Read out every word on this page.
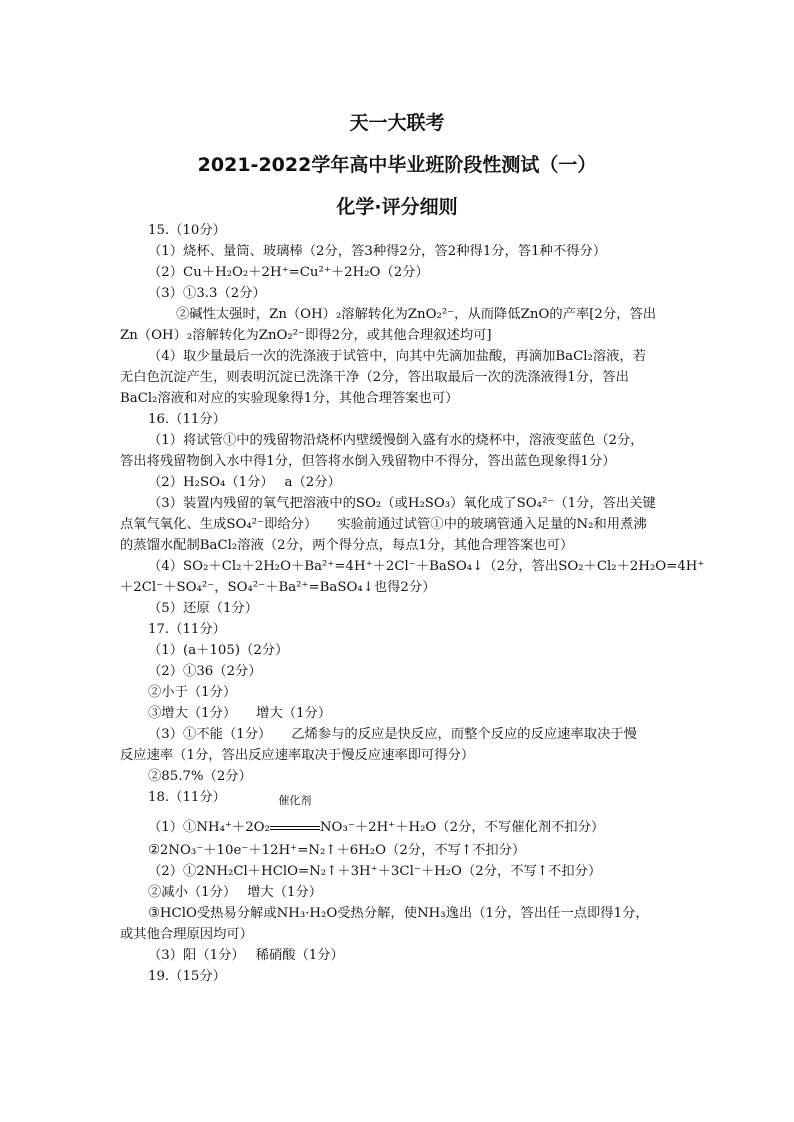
天一大联考
2021-2022学年高中毕业班阶段性测试（一）
化学·评分细则
15.（10分）
（1）烧杯、量筒、玻璃棒（2分，答3种得2分，答2种得1分，答1种不得分）
（2）Cu＋H₂O₂＋2H⁺=Cu²⁺＋2H₂O（2分）
（3）①3.3（2分）
②碱性太强时，Zn（OH）₂溶解转化为ZnO₂²⁻，从而降低ZnO的产率[2分，答出
Zn（OH）₂溶解转化为ZnO₂²⁻即得2分，或其他合理叙述均可]
（4）取少量最后一次的洗涤液于试管中，向其中先滴加盐酸，再滴加BaCl₂溶液，若
无白色沉淀产生，则表明沉淀已洗涤干净（2分，答出取最后一次的洗涤液得1分，答出
BaCl₂溶液和对应的实验现象得1分，其他合理答案也可）
16.（11分）
（1）将试管①中的残留物沿烧杯内壁缓慢倒入盛有水的烧杯中，溶液变蓝色（2分，
答出将残留物倒入水中得1分，但答将水倒入残留物中不得分，答出蓝色现象得1分）
（2）H₂SO₄（1分）　 a（2分）
（3）装置内残留的氧气把溶液中的SO₂（或H₂SO₃）氧化成了SO₄²⁻（1分，答出关键
点氧气氧化、生成SO₄²⁻即给分）　　实验前通过试管①中的玻璃管通入足量的N₂和用煮沸
的蒸馏水配制BaCl₂溶液（2分，两个得分点，每点1分，其他合理答案也可）
（4）SO₂＋Cl₂＋2H₂O＋Ba²⁺=4H⁺＋2Cl⁻＋BaSO₄↓（2分，答出SO₂＋Cl₂＋2H₂O=4H⁺
＋2Cl⁻＋SO₄²⁻，SO₄²⁻＋Ba²⁺=BaSO₄↓也得2分）
（5）还原（1分）
17.（11分）
（1）(a＋105)（2分）
（2）①36（2分）
②小于（1分）
③增大（1分）　　增大（1分）
（3）①不能（1分）　　乙烯参与的反应是快反应，而整个反应的反应速率取决于慢
反应速率（1分，答出反应速率取决于慢反应速率即可得分）
②85.7%（2分）
18.（11分）
（1）①NH₄⁺＋2O₂
催化剂
NO₃⁻＋2H⁺＋H₂O（2分，不写催化剂不扣分）
②2NO₃⁻＋10e⁻＋12H⁺=N₂↑＋6H₂O（2分，不写↑不扣分）
（2）①2NH₂Cl＋HClO=N₂↑＋3H⁺＋3Cl⁻＋H₂O（2分，不写↑不扣分）
②减小（1分）　 增大（1分）
③HClO受热易分解或NH₃·H₂O受热分解，使NH₃逸出（1分，答出任一点即得1分，
或其他合理原因均可）
（3）阳（1分）　 稀硝酸（1分）
19.（15分）
